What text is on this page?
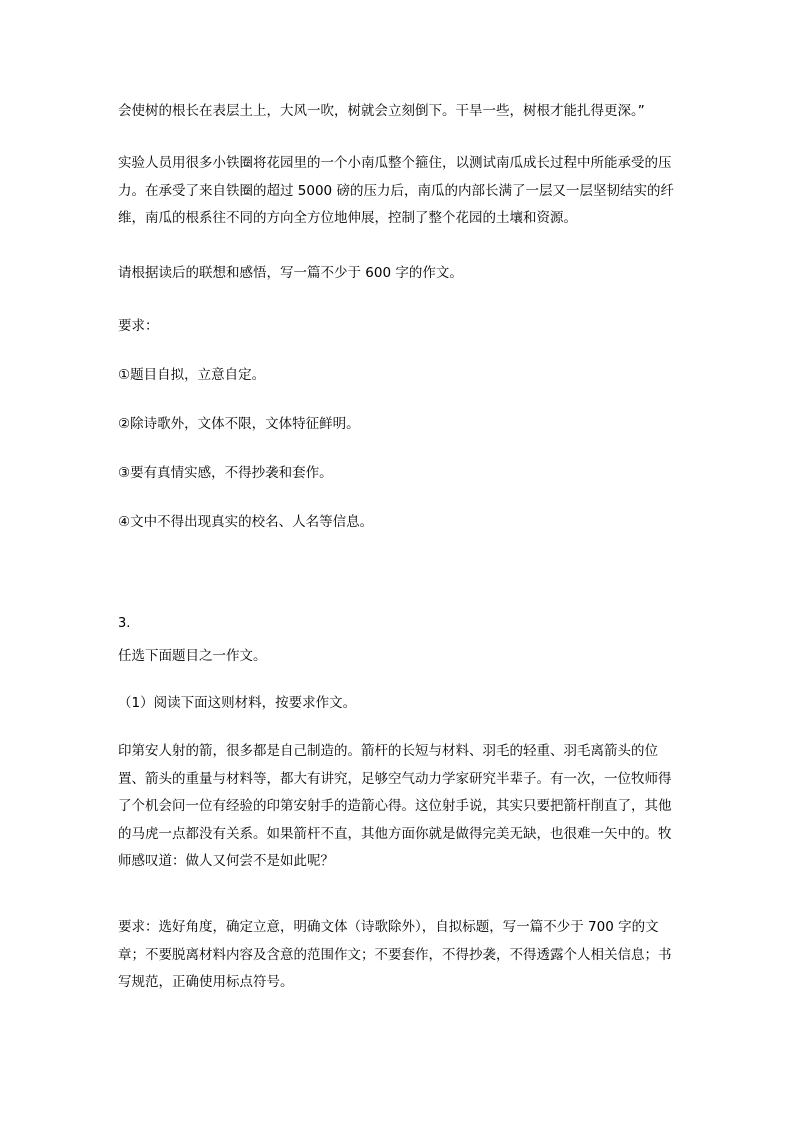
会使树的根长在表层土上，大风一吹，树就会立刻倒下。干旱一些，树根才能扎得更深。”

实验人员用很多小铁圈将花园里的一个小南瓜整个箍住，以测试南瓜成长过程中所能承受的压力。在承受了来自铁圈的超过 5000 磅的压力后，南瓜的内部长满了一层又一层坚韧结实的纤维，南瓜的根系往不同的方向全方位地伸展，控制了整个花园的土壤和资源。

请根据读后的联想和感悟，写一篇不少于 600 字的作文。

要求：

①题目自拟，立意自定。

②除诗歌外，文体不限，文体特征鲜明。

③要有真情实感，不得抄袭和套作。

④文中不得出现真实的校名、人名等信息。

3.

任选下面题目之一作文。

（1）阅读下面这则材料，按要求作文。

印第安人射的箭，很多都是自己制造的。箭杆的长短与材料、羽毛的轻重、羽毛离箭头的位置、箭头的重量与材料等，都大有讲究，足够空气动力学家研究半辈子。有一次，一位牧师得了个机会问一位有经验的印第安射手的造箭心得。这位射手说，其实只要把箭杆削直了，其他的马虎一点都没有关系。如果箭杆不直，其他方面你就是做得完美无缺，也很难一矢中的。牧师感叹道：做人又何尝不是如此呢？

要求：选好角度，确定立意，明确文体（诗歌除外），自拟标题，写一篇不少于 700 字的文章；不要脱离材料内容及含意的范围作文；不要套作，不得抄袭，不得透露个人相关信息；书写规范，正确使用标点符号。
